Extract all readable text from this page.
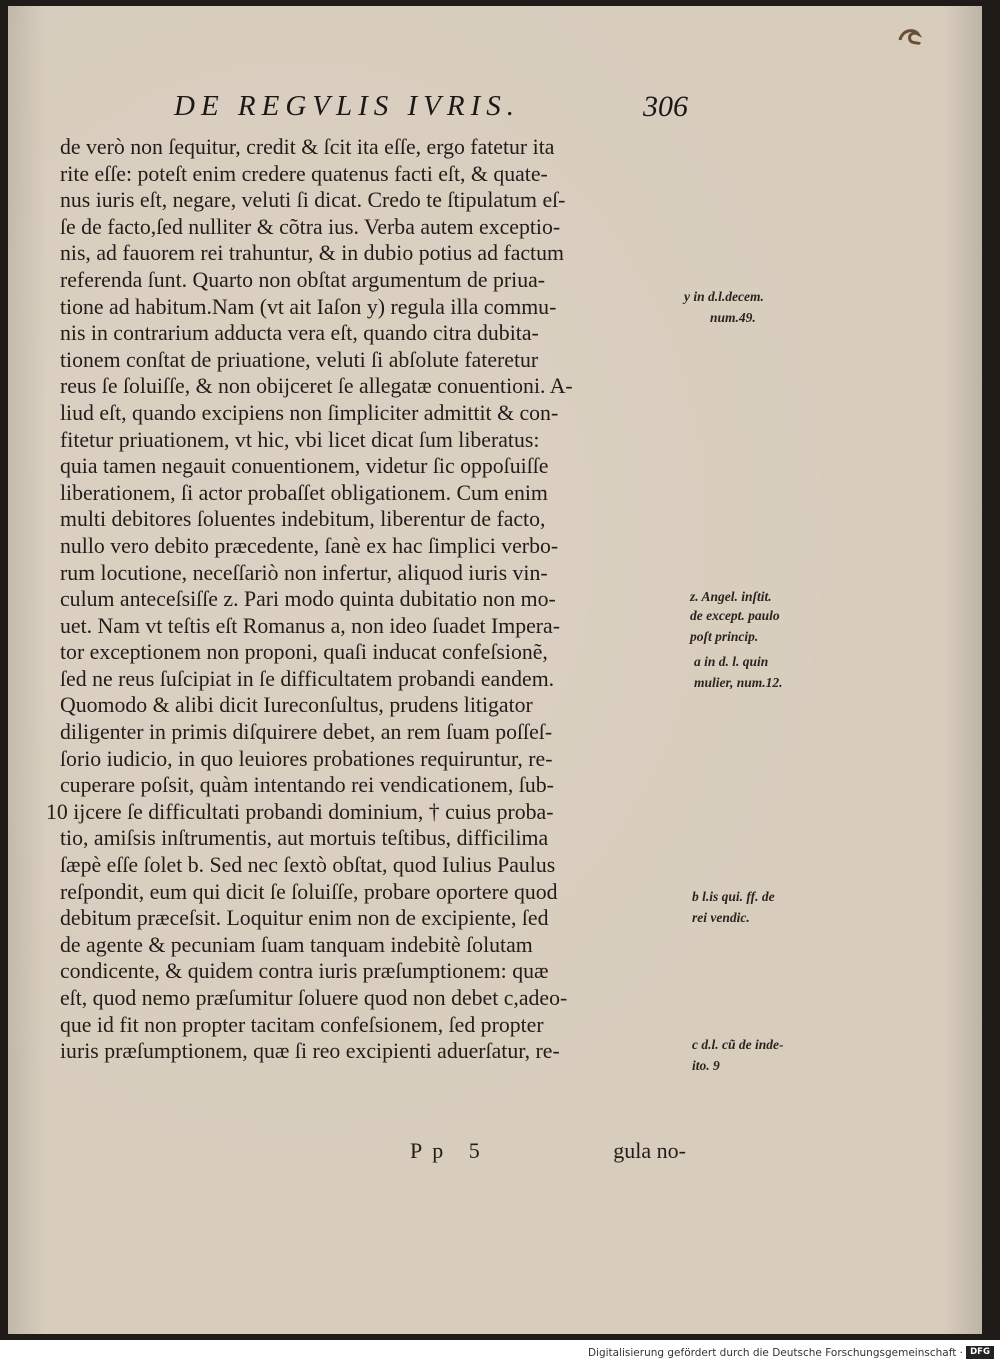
DE REGVLIS IVRIS.	306
de verò non ſequitur, credit & ſcit ita eſſe, ergo fatetur ita
rite eſſe: poteſt enim credere quatenus facti eſt, & quate-
nus iuris eſt, negare, veluti ſi dicat. Credo te ſtipulatum eſ-
ſe de facto,ſed nulliter & cõtra ius. Verba autem exceptio-
nis, ad fauorem rei trahuntur, & in dubio potius ad factum
referenda ſunt. Quarto non obſtat argumentum de priua-
tione ad habitum.Nam (vt ait Iaſon y) regula illa commu-
nis in contrarium adducta vera eſt, quando citra dubita-
tionem conſtat de priuatione, veluti ſi abſolute fateretur
reus ſe ſoluiſſe, & non obijceret ſe allegatæ conuentioni. A-
liud eſt, quando excipiens non ſimpliciter admittit & con-
fitetur priuationem, vt hic, vbi licet dicat ſum liberatus:
quia tamen negauit conuentionem, videtur ſic oppoſuiſſe
liberationem, ſi actor probaſſet obligationem. Cum enim
multi debitores ſoluentes indebitum, liberentur de facto,
nullo vero debito præcedente, ſanè ex hac ſimplici verbo-
rum locutione, neceſſariò non infertur, aliquod iuris vin-
culum anteceſsiſſe z. Pari modo quinta dubitatio non mo-
uet. Nam vt teſtis eſt Romanus a, non ideo ſuadet Impera-
tor exceptionem non proponi, quaſi inducat confeſsionẽ,
ſed ne reus ſuſcipiat in ſe difficultatem probandi eandem.
Quomodo & alibi dicit Iureconſultus, prudens litigator
diligenter in primis diſquirere debet, an rem ſuam poſſeſ-
ſorio iudicio, in quo leuiores probationes requiruntur, re-
cuperare poſsit, quàm intentando rei vendicationem, ſub-
10 ijcere ſe difficultati probandi dominium, † cuius proba-
tio, amiſsis inſtrumentis, aut mortuis teſtibus, difficilima
ſæpè eſſe ſolet b. Sed nec ſextò obſtat, quod Iulius Paulus
reſpondit, eum qui dicit ſe ſoluiſſe, probare oportere quod
debitum præceſsit. Loquitur enim non de excipiente, ſed
de agente & pecuniam ſuam tanquam indebitè ſolutam
condicente, & quidem contra iuris præſumptionem: quæ
eſt, quod nemo præſumitur ſoluere quod non debet c,adeo-
que id fit non propter tacitam confeſsionem, ſed propter
iuris præſumptionem, quæ ſi reo excipienti aduerſatur, re-
Pp 5	gula no-
y in d.l.decem.
num.49.
z. Angel. inſtit.
de except. paulo
poſt princip.
a in d. l. quin
mulier, num.12.
b l.is qui. ff. de
rei vendic.
c d.l. cũ de inde-
ito. 9
Digitalisierung gefördert durch die Deutsche Forschungsgemeinschaft · DFG
